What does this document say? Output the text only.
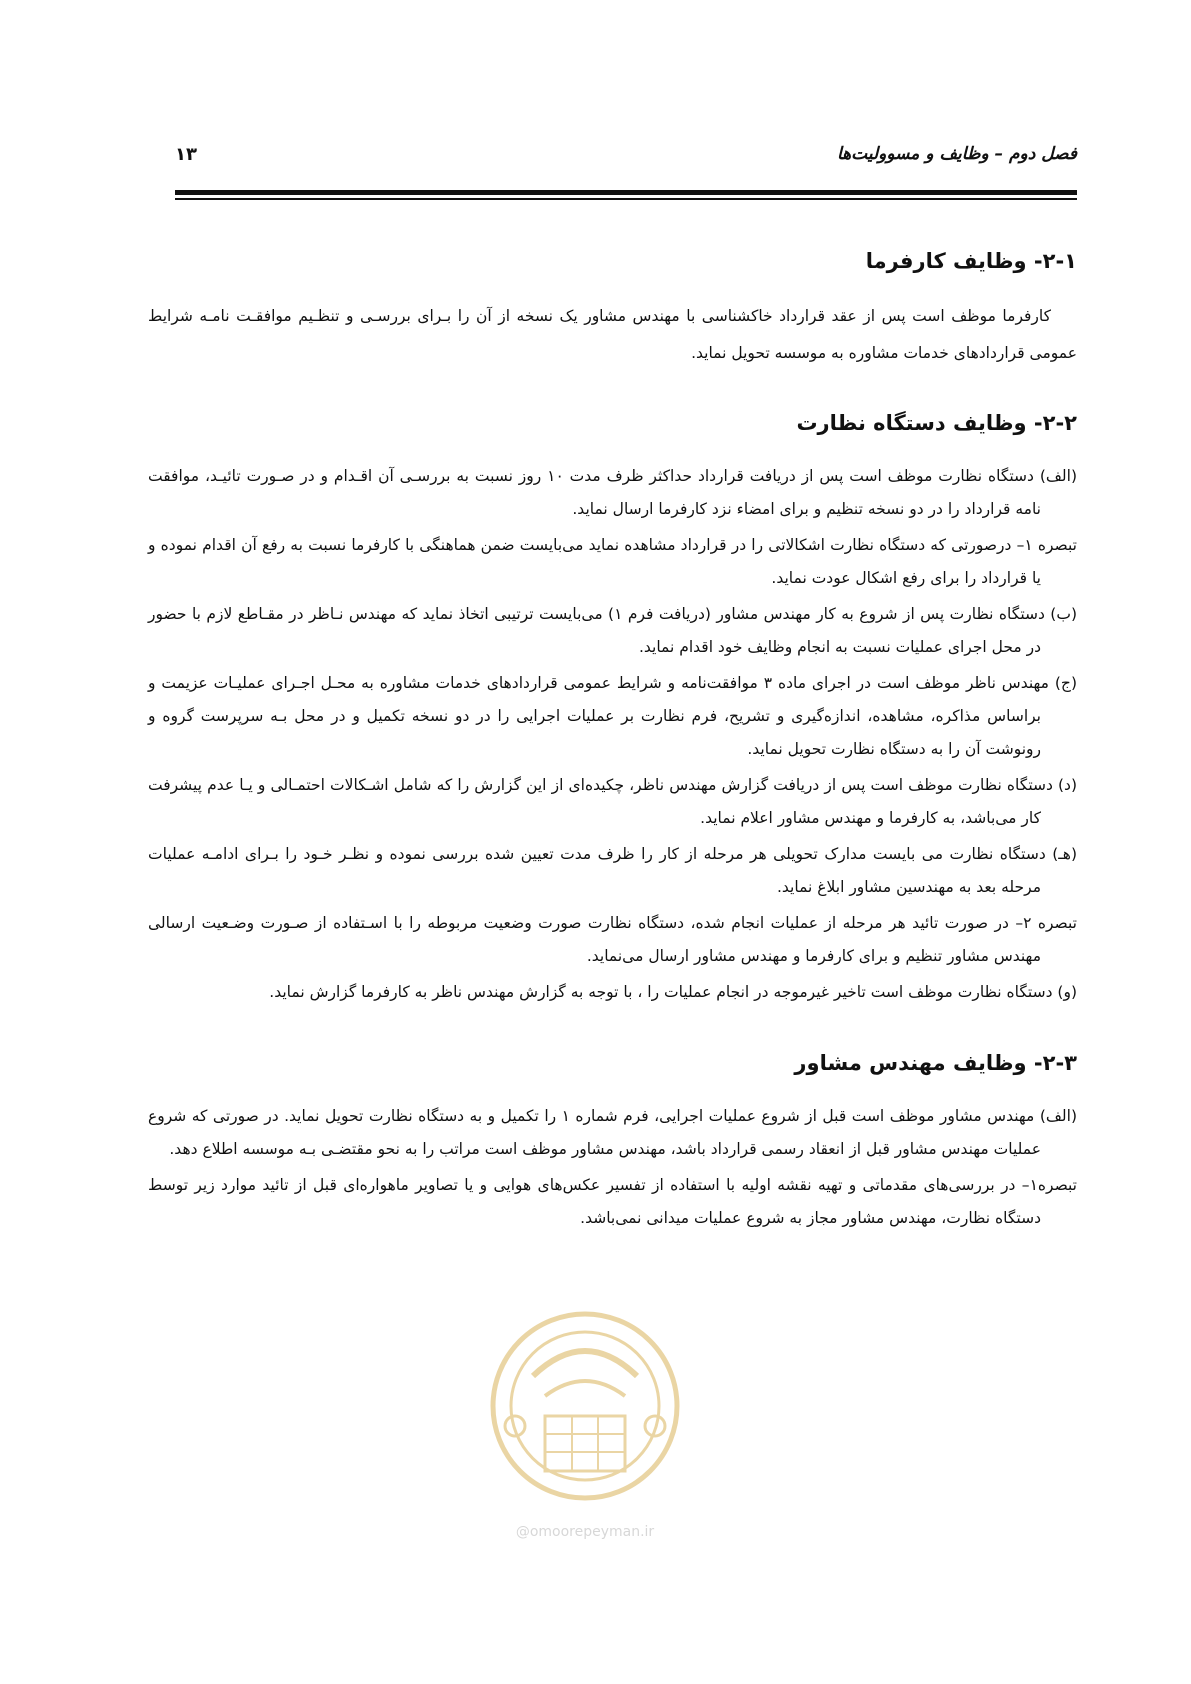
فصل دوم – وظایف و مسوولیت‌ها
۱۳
۲-۱- وظایف کارفرما

کارفرما موظف است پس از عقد قرارداد خاکشناسی با مهندس مشاور یک نسخه از آن را بـرای بررسـی و تنظـیم موافقـت نامـه شرایط عمومی قراردادهای خدمات مشاوره به موسسه تحویل نماید.

۲-۲- وظایف دستگاه نظارت

(الف) دستگاه نظارت موظف است پس از دریافت قرارداد حداکثر ظرف مدت ۱۰ روز نسبت به بررسـی آن اقـدام و در صـورت تائیـد، موافقت نامه قرارداد را در دو نسخه تنظیم و برای امضاء نزد کارفرما ارسال نماید.

تبصره ۱– درصورتی که دستگاه نظارت اشکالاتی را در قرارداد مشاهده نماید می‌بایست ضمن هماهنگی با کارفرما نسبت به رفع آن اقدام نموده و یا قرارداد را برای رفع اشکال عودت نماید.

(ب) دستگاه نظارت پس از شروع به کار مهندس مشاور (دریافت فرم ۱) می‌بایست ترتیبی اتخاذ نماید که مهندس نـاظر در مقـاطع لازم با حضور در محل اجرای عملیات نسبت به انجام وظایف خود اقدام نماید.

(ج) مهندس ناظر موظف است در اجرای ماده ۳ موافقت‌نامه و شرایط عمومی قراردادهای خدمات مشاوره به محـل اجـرای عملیـات عزیمت و براساس مذاکره، مشاهده، اندازه‌گیری و تشریح، فرم نظارت بر عملیات اجرایی را در دو نسخه تکمیل و در محل بـه سرپرست گروه و رونوشت آن را به دستگاه نظارت تحویل نماید.

(د) دستگاه نظارت موظف است پس از دریافت گزارش مهندس ناظر، چکیده‌ای از این گزارش را که شامل اشـکالات احتمـالی و یـا عدم پیشرفت کار می‌باشد، به کارفرما و مهندس مشاور اعلام نماید.

(هـ) دستگاه نظارت می بایست مدارک تحویلی هر مرحله از کار را ظرف مدت تعیین شده بررسی نموده و نظـر خـود را بـرای ادامـه عملیات مرحله بعد به مهندسین مشاور ابلاغ نماید.

تبصره ۲– در صورت تائید هر مرحله از عملیات انجام شده، دستگاه نظارت صورت وضعیت مربوطه را با اسـتفاده از صـورت وضـعیت ارسالی مهندس مشاور تنظیم و برای کارفرما و مهندس مشاور ارسال می‌نماید.

(و) دستگاه نظارت موظف است تاخیر غیرموجه در انجام عملیات را ، با توجه به گزارش مهندس ناظر به کارفرما گزارش نماید.

۲-۳- وظایف مهندس مشاور

(الف) مهندس مشاور موظف است قبل از شروع عملیات اجرایی، فرم شماره ۱ را تکمیل و به دستگاه نظارت تحویل نماید. در صورتی که شروع عملیات مهندس مشاور قبل از انعقاد رسمی قرارداد باشد، مهندس مشاور موظف است مراتب را به نحو مقتضـی بـه موسسه اطلاع دهد.

تبصره۱– در بررسی‌های مقدماتی و تهیه نقشه اولیه با استفاده از تفسیر عکس‌های هوایی و یا تصاویر ماهواره‌ای قبل از تائید موارد زیر توسط دستگاه نظارت، مهندس مشاور مجاز به شروع عملیات میدانی نمی‌باشد.

@omoorepeyman.ir
